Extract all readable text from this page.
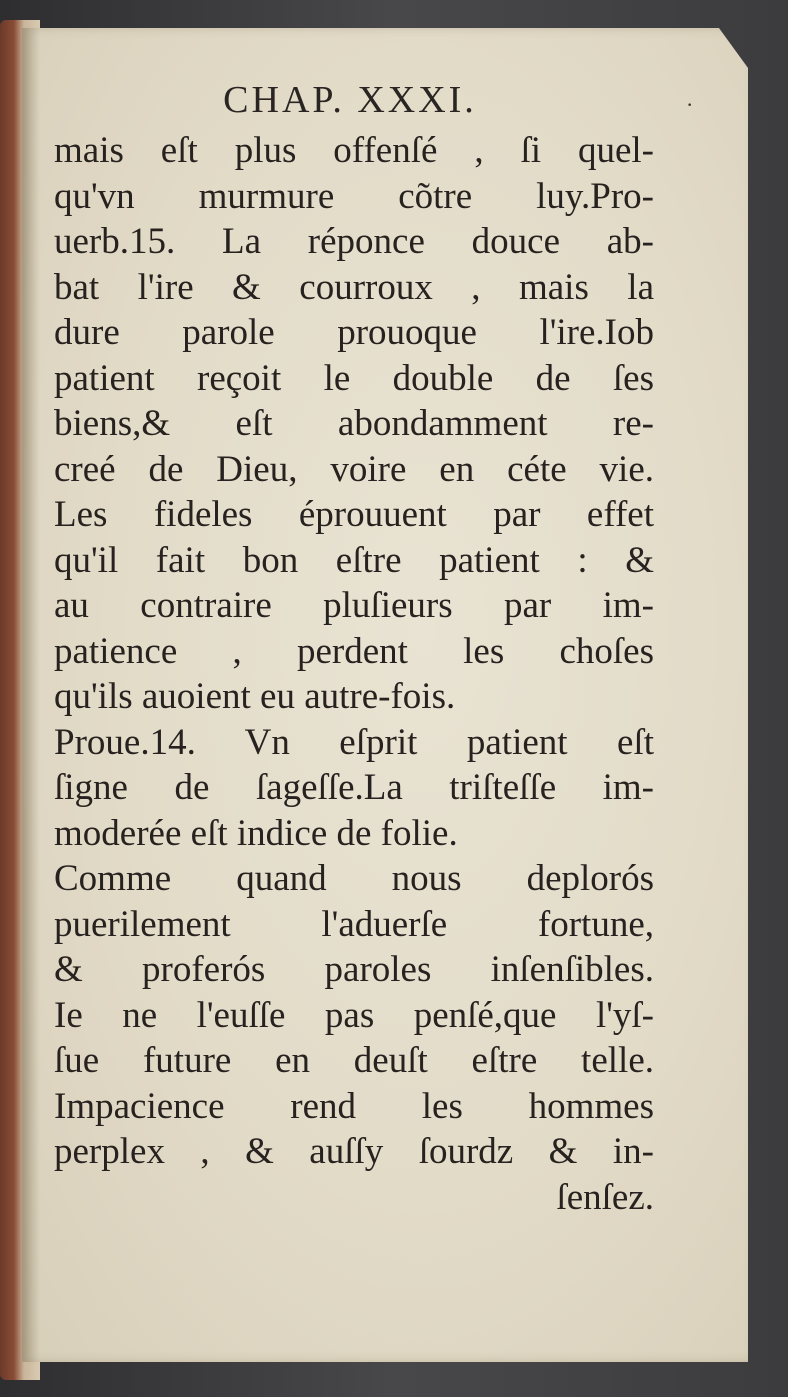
CHAP. XXXI.	·
mais eſt plus offenſé , ſi quel-
qu'vn murmure cõtre luy.Pro-
uerb.15. La réponce douce ab-
bat l'ire & courroux , mais la
dure parole prouoque l'ire.Iob
patient reçoit le double de ſes
biens,& eſt abondamment re-
creé de Dieu, voire en céte vie.
Les fideles éprouuent par effet
qu'il fait bon eſtre patient : &
au contraire pluſieurs par im-
patience , perdent les choſes
qu'ils auoient eu autre-fois.
Proue.14. Vn eſprit patient eſt
ſigne de ſageſſe.La triſteſſe im-
moderée eſt indice de folie.
Comme quand nous deplorós
puerilement l'aduerſe fortune,
& proferós paroles inſenſibles.
Ie ne l'euſſe pas penſé,que l'yſ-
ſue future en deuſt eſtre telle.
Impacience rend les hommes
perplex , & auſſy ſourdz & in-
ſenſez.
